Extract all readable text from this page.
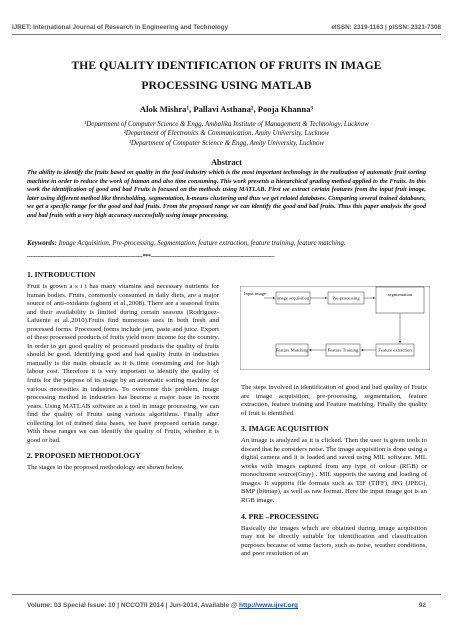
IJRET: International Journal of Research in Engineering and Technology	eISSN: 2319-1163 | pISSN: 2321-7308
THE QUALITY IDENTIFICATION OF FRUITS IN IMAGE
PROCESSING USING MATLAB
Alok Mishra¹, Pallavi Asthana², Pooja Khanna³
¹Department of Computer Science & Engg, Ambalika Institute of Management & Technology, Lucknow
²Department of Electronics & Communication, Amity University, Lucknow
³Department of Computer Science & Engg, Amity University, Lucknow
Abstract
The ability to identify the fruits based on quality in the food industry which is the most important technology in the realization of automatic fruit sorting machine in order to reduce the work of human and also time consuming. This work presents a hierarchical grading method applied to the Fruits. In this work the identification of good and bad Fruits is focused on the methods using MATLAB. First we extract certain features from the input fruit image, later using different method like thresholding, segmentation, k-means clustering and thus we get related databases. Comparing several trained databases, we get a specific range for the good and bad fruits. From the proposed range we can identify the good and bad fruits. Thus this paper analysis the good and bad fruits with a very high accuracy successfully using image processing.
Keywords: Image Acquisition, Pre-processing, Segmentation, feature extraction, feature training, feature matching.
--------------------------------------------------------------------***-------------------------------------------------------------------------
1. INTRODUCTION

Fruit is grown a s i t has many vitamins and necessary nutrients for human bodies. Fruits, commonly consumed in daily diets, are a major source of anti-oxidants (sgherri et al.,2008). There are a seasonal fruits and their availability is limited during certain seasons (Rodriguez-Lafuente et al.,2010).Fruits find numerous uses in both fresh and processed forms. Processed forms include jam, paste and juice. Export of these processed products of fruits yield more income for the country. In order to get good quality of processed products the quality of fruits should be good. Identifying good and bad quality fruits in industries manually is the main obstacle as it is time consuming and for high labour cost. Therefore it is very important to identify the quality of fruits for the purpose of its usage by an automatic sorting machine for various necessities in industries. To overcome this problem, image processing method in industries has become a major issue in recent years. Using MATLAB software as a tool in image processing, we can find the quality of Fruits using various algorithms. Finally after collecting lot of trained data bases, we have proposed certain range. With these ranges we can identify the quality of Fruits, whether it is good or bad.

2. PROPOSED METHODOLOGY

The stages in the proposed methodology are shown below.

Input image
image acquisition	Pre-processing
segmentation
Feature Matching	Feature Training	Feature extraction

The steps involved in identification of good and bad quality of Fruits are image acquisition, pre-processing, segmentation, feature extraction, feature training and Feature matching. Finally the quality of fruit is identified.

3. IMAGE ACQUISITION

An image is analyzed as it is clicked. Then the user is given tools to discard that he considers noise. The image acquisition is done using a digital camera and it is loaded and saved using MIL software. MIL works with images captured from any type of colour (RGB) or monochrome source(Gray) . MIL supports the saving and loading of images. It supports file formats such as TIF (TIFF), JPG (JPEG), BMP (bitmap), as well as raw format. Here the input image got is an RGB image.

4. PRE –PROCESSING

Basically the images which are obtained during image acquisition may not be directly suitable for identification and classification purposes because of some factors, such as noise, weather conditions, and poor resolution of an

Volume: 03 Special Issue: 10 | NCCOTII 2014 | Jun-2014, Available @ http://www.ijret.org	92
